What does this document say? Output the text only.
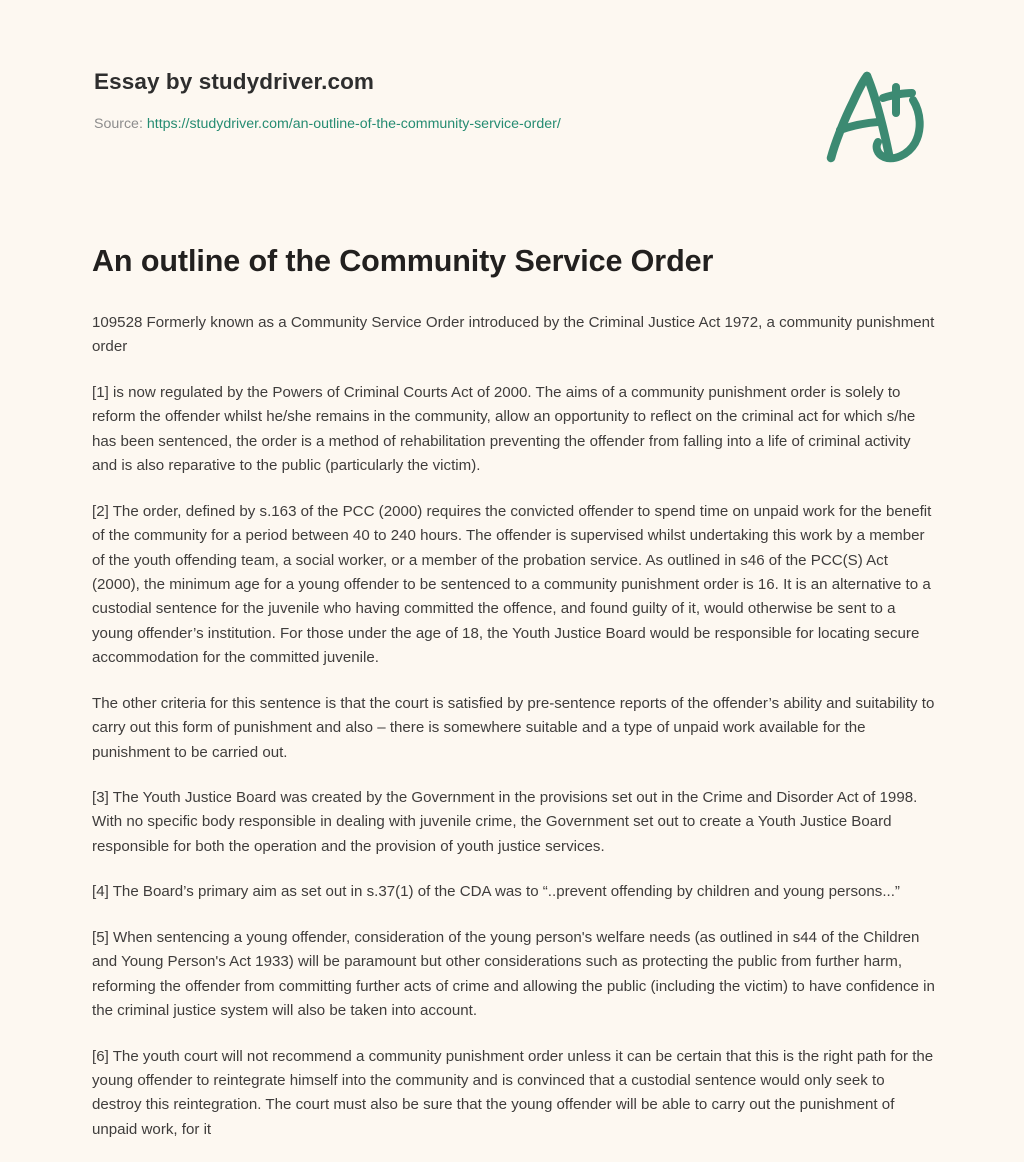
Essay by studydriver.com

Source: https://studydriver.com/an-outline-of-the-community-service-order/

An outline of the Community Service Order

109528 Formerly known as a Community Service Order introduced by the Criminal Justice Act 1972, a community punishment order

[1] is now regulated by the Powers of Criminal Courts Act of 2000. The aims of a community punishment order is solely to reform the offender whilst he/she remains in the community, allow an opportunity to reflect on the criminal act for which s/he has been sentenced, the order is a method of rehabilitation preventing the offender from falling into a life of criminal activity and is also reparative to the public (particularly the victim).

[2] The order, defined by s.163 of the PCC (2000) requires the convicted offender to spend time on unpaid work for the benefit of the community for a period between 40 to 240 hours. The offender is supervised whilst undertaking this work by a member of the youth offending team, a social worker, or a member of the probation service. As outlined in s46 of the PCC(S) Act (2000), the minimum age for a young offender to be sentenced to a community punishment order is 16. It is an alternative to a custodial sentence for the juvenile who having committed the offence, and found guilty of it, would otherwise be sent to a young offender’s institution. For those under the age of 18, the Youth Justice Board would be responsible for locating secure accommodation for the committed juvenile.

The other criteria for this sentence is that the court is satisfied by pre-sentence reports of the offender’s ability and suitability to carry out this form of punishment and also – there is somewhere suitable and a type of unpaid work available for the punishment to be carried out.

[3] The Youth Justice Board was created by the Government in the provisions set out in the Crime and Disorder Act of 1998. With no specific body responsible in dealing with juvenile crime, the Government set out to create a Youth Justice Board responsible for both the operation and the provision of youth justice services.

[4] The Board’s primary aim as set out in s.37(1) of the CDA was to “..prevent offending by children and young persons...”

[5] When sentencing a young offender, consideration of the young person's welfare needs (as outlined in s44 of the Children and Young Person's Act 1933) will be paramount but other considerations such as protecting the public from further harm, reforming the offender from committing further acts of crime and allowing the public (including the victim) to have confidence in the criminal justice system will also be taken into account.

[6] The youth court will not recommend a community punishment order unless it can be certain that this is the right path for the young offender to reintegrate himself into the community and is convinced that a custodial sentence would only seek to destroy this reintegration. The court must also be sure that the young offender will be able to carry out the punishment of unpaid work, for it
